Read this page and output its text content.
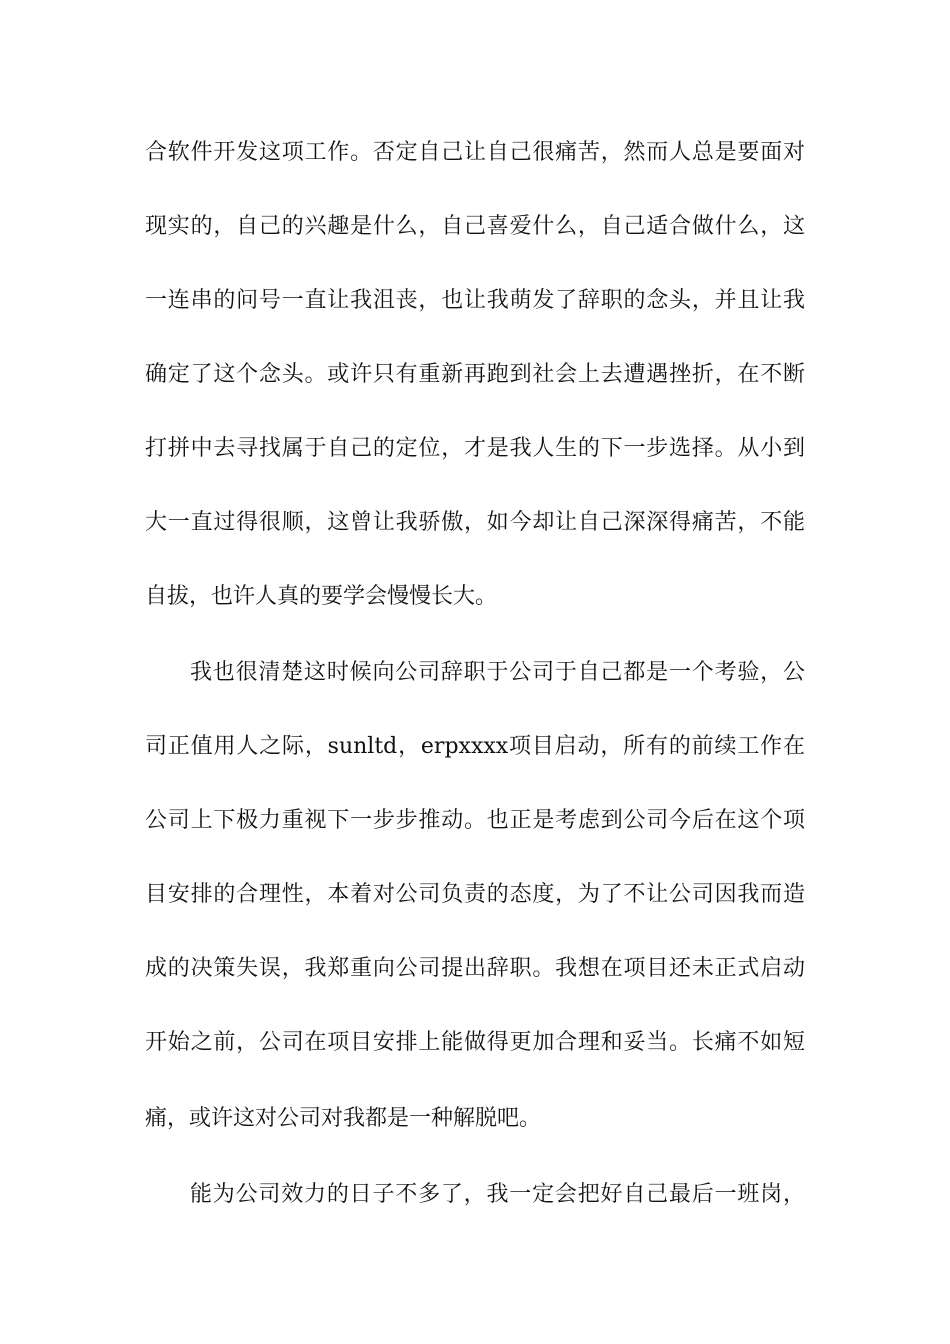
合软件开发这项工作。否定自己让自己很痛苦，然而人总是要面对
现实的，自己的兴趣是什么，自己喜爱什么，自己适合做什么，这
一连串的问号一直让我沮丧，也让我萌发了辞职的念头，并且让我
确定了这个念头。或许只有重新再跑到社会上去遭遇挫折，在不断
打拼中去寻找属于自己的定位，才是我人生的下一步选择。从小到
大一直过得很顺，这曾让我骄傲，如今却让自己深深得痛苦，不能
自拔，也许人真的要学会慢慢长大。
我也很清楚这时候向公司辞职于公司于自己都是一个考验，公
司正值用人之际，sunltd，erpxxxx项目启动，所有的前续工作在
公司上下极力重视下一步步推动。也正是考虑到公司今后在这个项
目安排的合理性，本着对公司负责的态度，为了不让公司因我而造
成的决策失误，我郑重向公司提出辞职。我想在项目还未正式启动
开始之前，公司在项目安排上能做得更加合理和妥当。长痛不如短
痛，或许这对公司对我都是一种解脱吧。
能为公司效力的日子不多了，我一定会把好自己最后一班岗，
